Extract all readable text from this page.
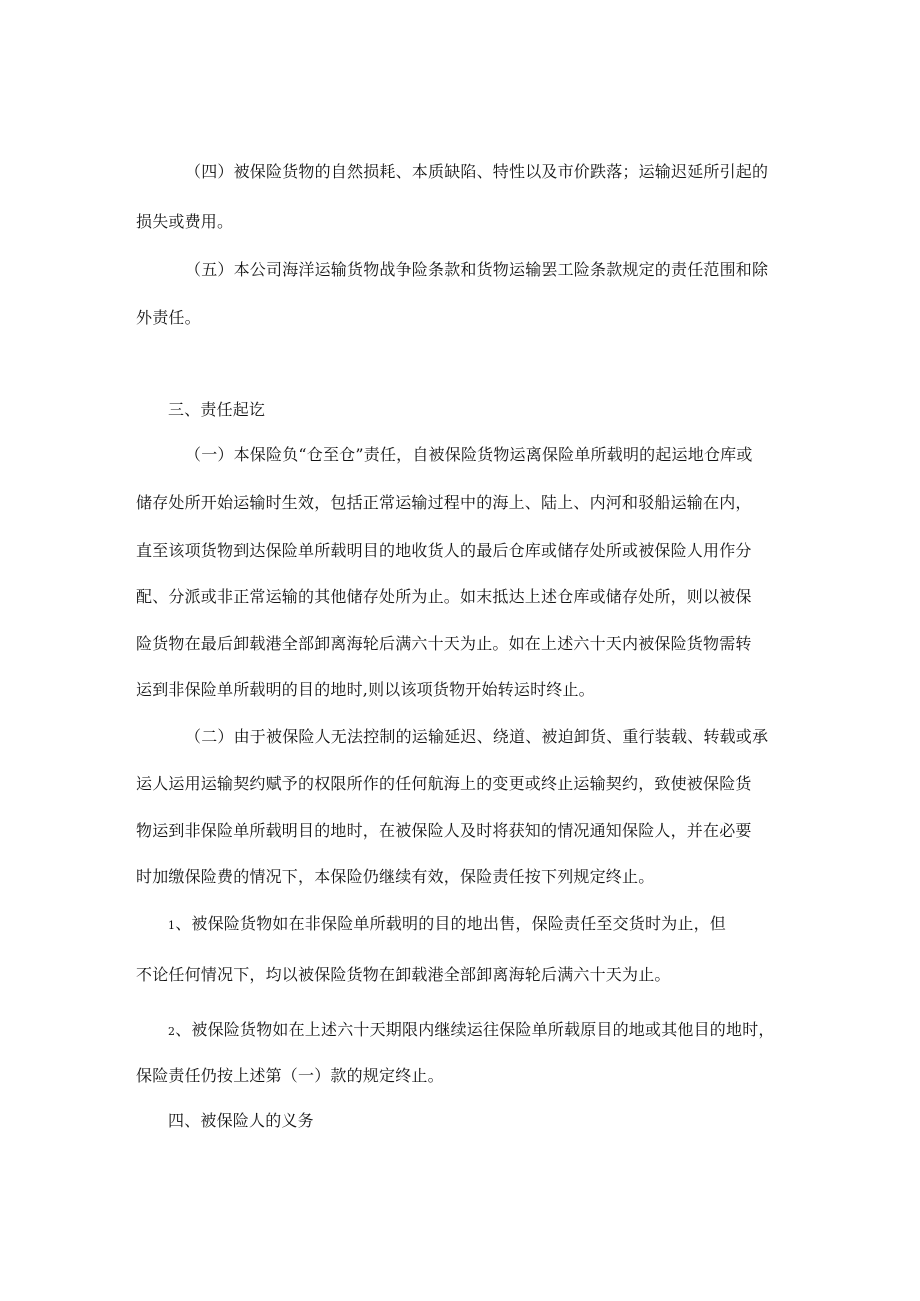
（四）被保险货物的自然损耗、本质缺陷、特性以及市价跌落；运输迟延所引起的
损失或费用。
（五）本公司海洋运输货物战争险条款和货物运输罢工险条款规定的责任范围和除
外责任。
三、责任起讫
（一）本保险负“仓至仓”责任，自被保险货物运离保险单所载明的起运地仓库或
储存处所开始运输时生效，包括正常运输过程中的海上、陆上、内河和驳船运输在内，
直至该项货物到达保险单所载明目的地收货人的最后仓库或储存处所或被保险人用作分
配、分派或非正常运输的其他储存处所为止。如末抵达上述仓库或储存处所，则以被保
险货物在最后卸载港全部卸离海轮后满六十天为止。如在上述六十天内被保险货物需转
运到非保险单所载明的目的地时,则以该项货物开始转运时终止。
（二）由于被保险人无法控制的运输延迟、绕道、被迫卸货、重行装载、转载或承
运人运用运输契约赋予的权限所作的任何航海上的变更或终止运输契约，致使被保险货
物运到非保险单所载明目的地时，在被保险人及时将获知的情况通知保险人，并在必要
时加缴保险费的情况下，本保险仍继续有效，保险责任按下列规定终止。
1、被保险货物如在非保险单所载明的目的地出售，保险责任至交货时为止，但
不论任何情况下，均以被保险货物在卸载港全部卸离海轮后满六十天为止。
2、被保险货物如在上述六十天期限内继续运往保险单所载原目的地或其他目的地时，
保险责任仍按上述第（一）款的规定终止。
四、被保险人的义务
